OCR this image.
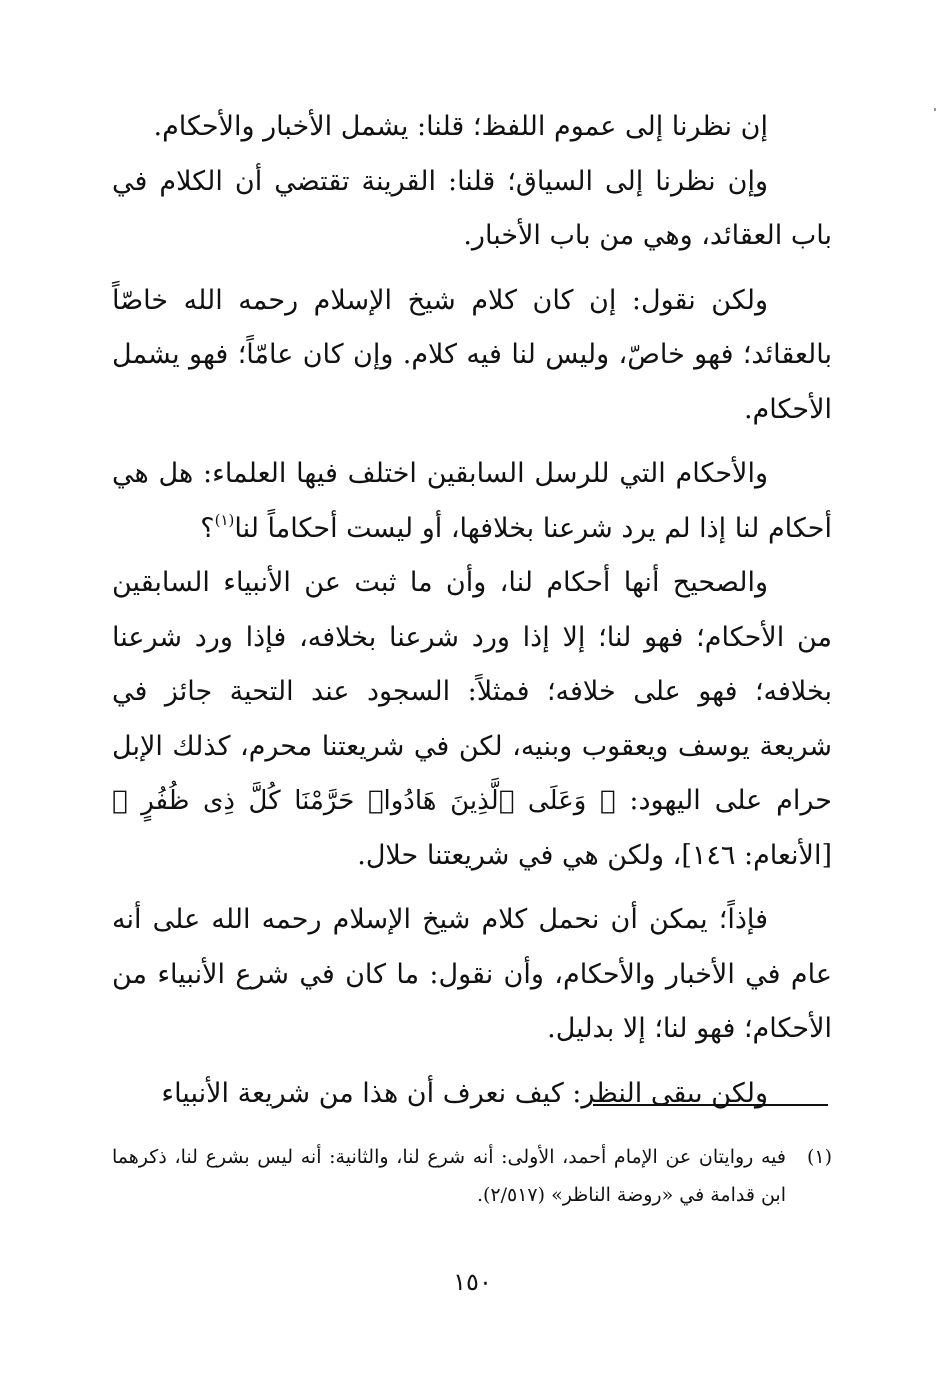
إن نظرنا إلى عموم اللفظ؛ قلنا: يشمل الأخبار والأحكام.

وإن نظرنا إلى السياق؛ قلنا: القرينة تقتضي أن الكلام في باب العقائد، وهي من باب الأخبار.

ولكن نقول: إن كان كلام شيخ الإسلام رحمه الله خاصّاً بالعقائد؛ فهو خاصّ، وليس لنا فيه كلام. وإن كان عامّاً؛ فهو يشمل الأحكام.

والأحكام التي للرسل السابقين اختلف فيها العلماء: هل هي أحكام لنا إذا لم يرد شرعنا بخلافها، أو ليست أحكاماً لنا$^{(١)}$؟

والصحيح أنها أحكام لنا، وأن ما ثبت عن الأنبياء السابقين من الأحكام؛ فهو لنا؛ إلا إذا ورد شرعنا بخلافه، فإذا ورد شرعنا بخلافه؛ فهو على خلافه؛ فمثلاً: السجود عند التحية جائز في شريعة يوسف ويعقوب وبنيه، لكن في شريعتنا محرم، كذلك الإبل حرام على اليهود: ﴿ وَعَلَى ٱلَّذِينَ هَادُوا۟ حَرَّمْنَا كُلَّ ذِى ظُفُرٍ ﴾ [الأنعام: ١٤٦]، ولكن هي في شريعتنا حلال.

فإذاً؛ يمكن أن نحمل كلام شيخ الإسلام رحمه الله على أنه عام في الأخبار والأحكام، وأن نقول: ما كان في شرع الأنبياء من الأحكام؛ فهو لنا؛ إلا بدليل.

ولكن يبقى النظر: كيف نعرف أن هذا من شريعة الأنبياء

(١)
فيه روايتان عن الإمام أحمد، الأولى: أنه شرع لنا، والثانية: أنه ليس بشرع لنا، ذكرهما ابن قدامة في «روضة الناظر» (٢/٥١٧).
١٥٠
